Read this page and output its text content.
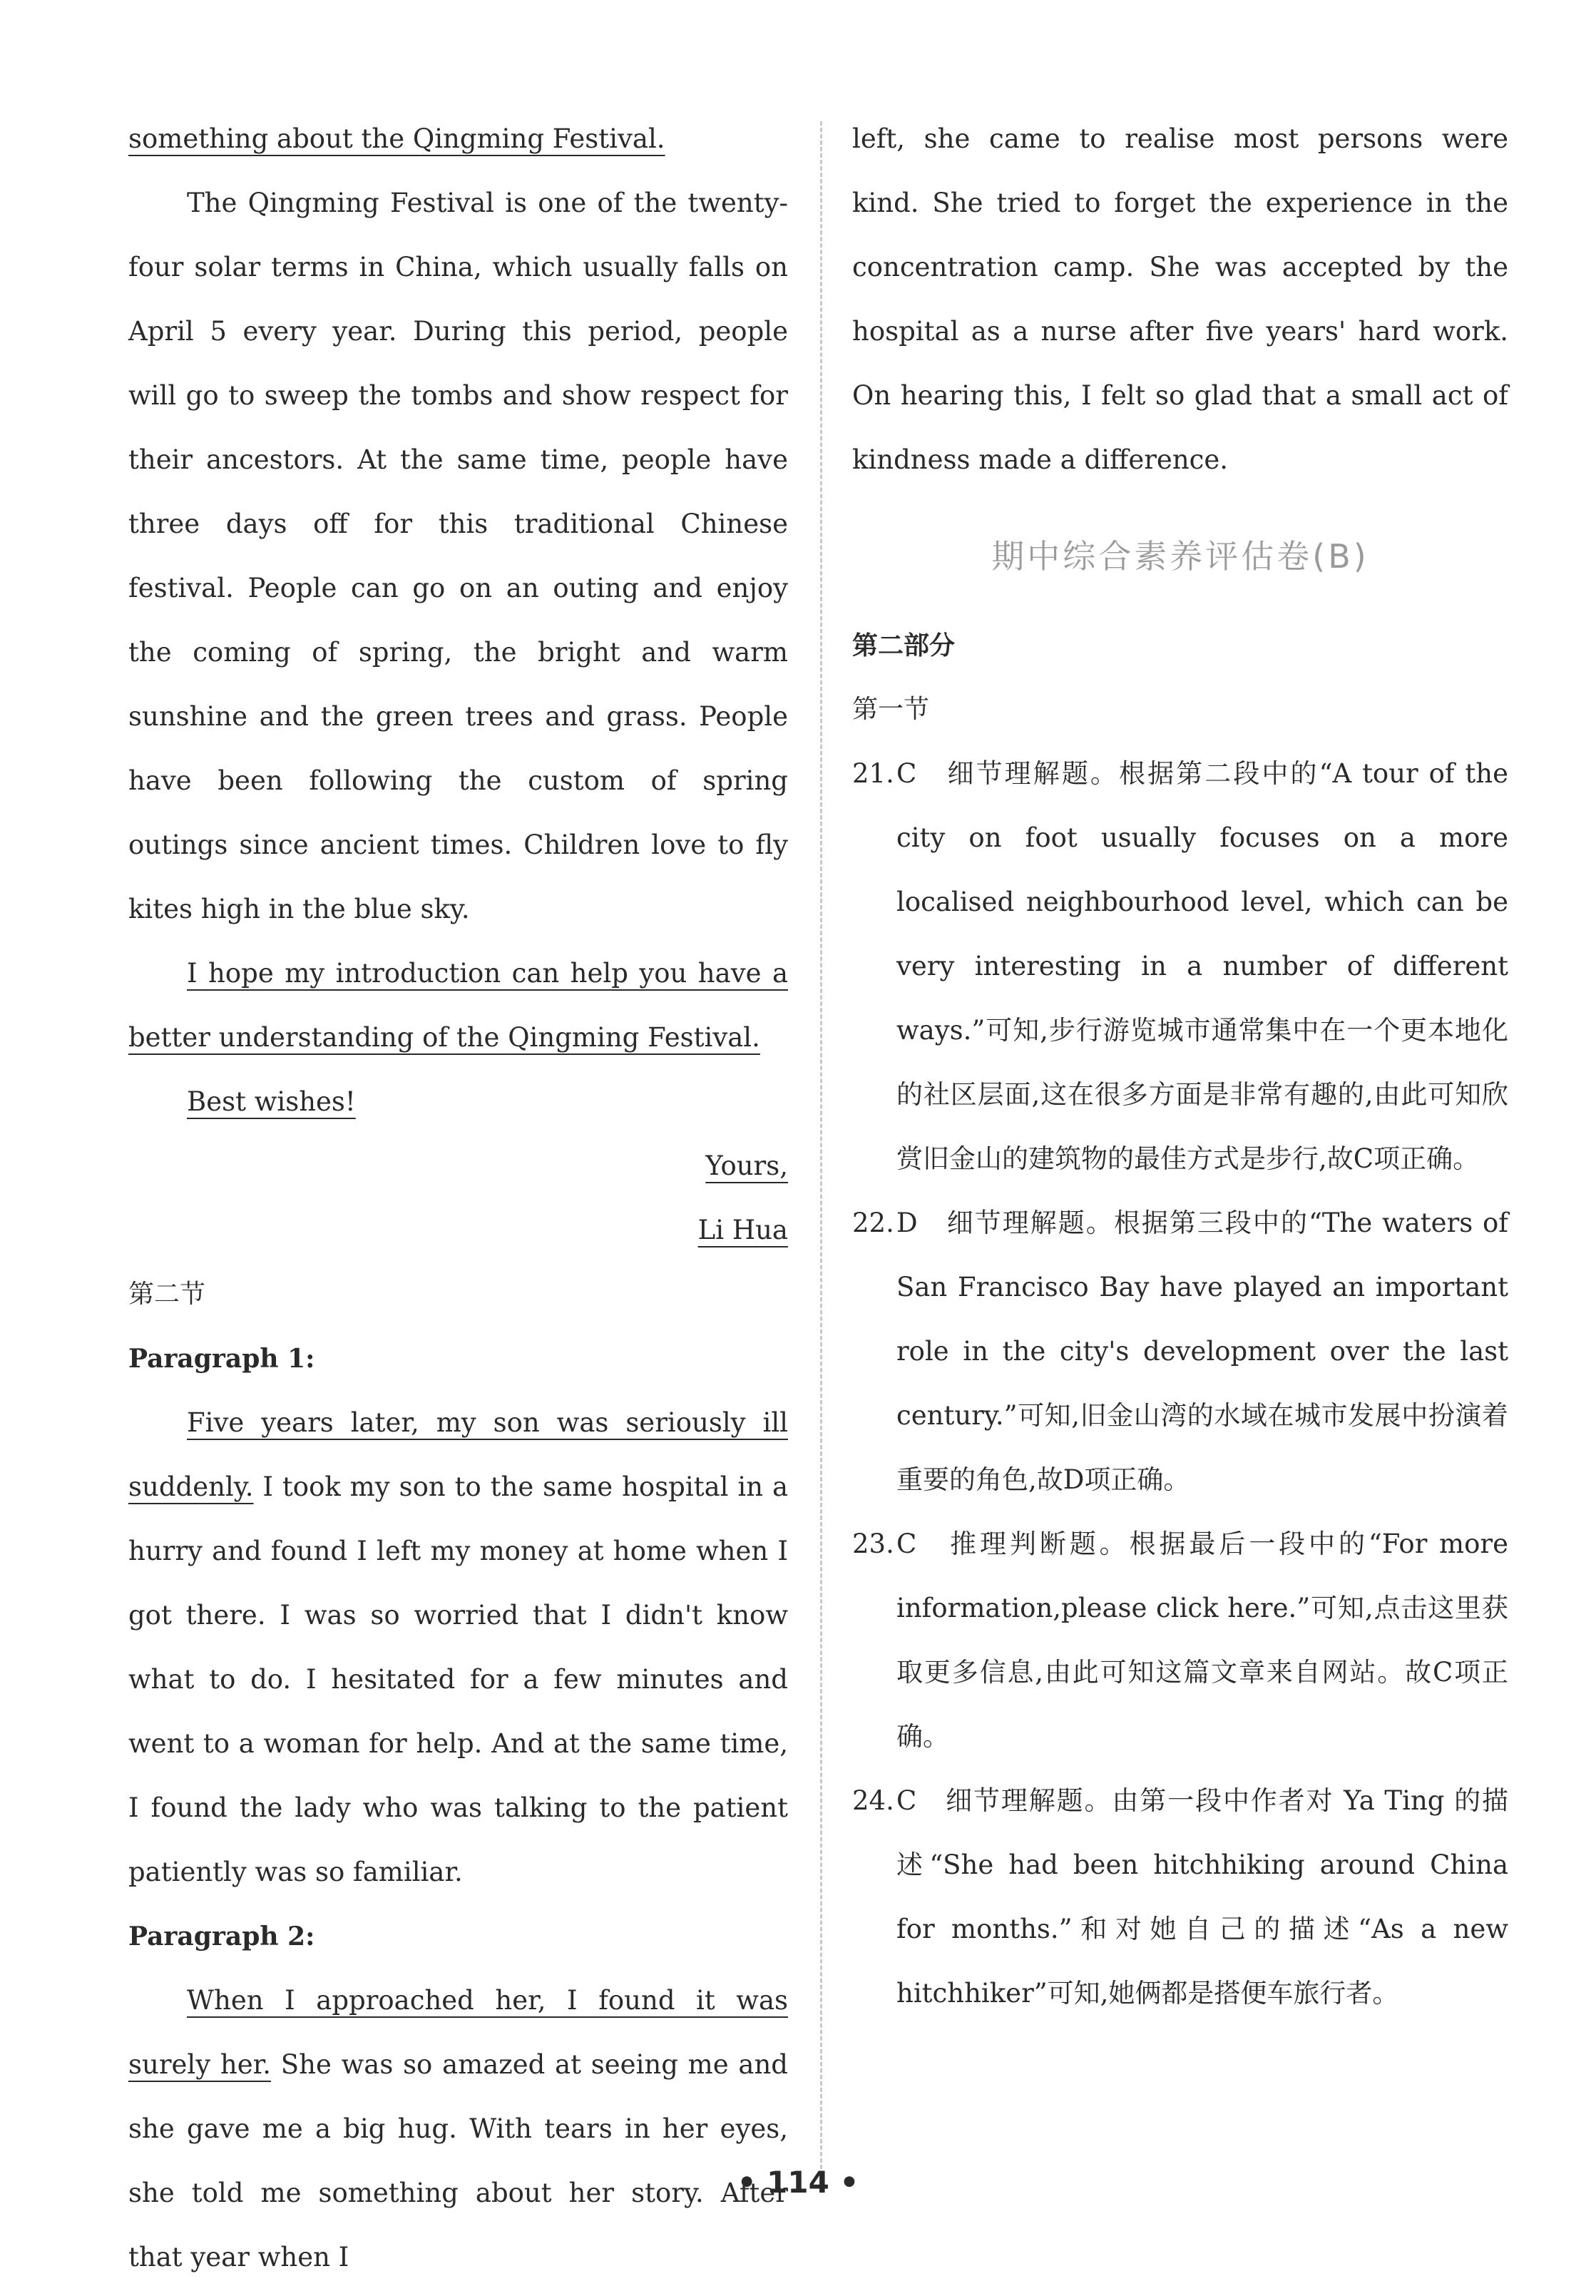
something about the Qingming Festival.

The Qingming Festival is one of the twenty-four solar terms in China, which usually falls on April 5 every year. During this period, people will go to sweep the tombs and show respect for their ancestors. At the same time, people have three days off for this traditional Chinese festival. People can go on an outing and enjoy the coming of spring, the bright and warm sunshine and the green trees and grass. People have been following the custom of spring outings since ancient times. Children love to fly kites high in the blue sky.

I hope my introduction can help you have a better understanding of the Qingming Festival.

Best wishes!

Yours,

Li Hua

第二节

Paragraph 1:

Five years later, my son was seriously ill suddenly. I took my son to the same hospital in a hurry and found I left my money at home when I got there. I was so worried that I didn't know what to do. I hesitated for a few minutes and went to a woman for help. And at the same time, I found the lady who was talking to the patient patiently was so familiar.

Paragraph 2:

When I approached her, I found it was surely her. She was so amazed at seeing me and she gave me a big hug. With tears in her eyes, she told me something about her story. After that year when I

left, she came to realise most persons were kind. She tried to forget the experience in the concentration camp. She was accepted by the hospital as a nurse after five years' hard work. On hearing this, I felt so glad that a small act of kindness made a difference.

期中综合素养评估卷(B)

第二部分

第一节

21. C　细节理解题。根据第二段中的“A tour of the city on foot usually focuses on a more localised neighbourhood level, which can be very interesting in a number of different ways.”可知,步行游览城市通常集中在一个更本地化的社区层面,这在很多方面是非常有趣的,由此可知欣赏旧金山的建筑物的最佳方式是步行,故C项正确。
22. D　细节理解题。根据第三段中的“The waters of San Francisco Bay have played an important role in the city's development over the last century.”可知,旧金山湾的水域在城市发展中扮演着重要的角色,故D项正确。
23. C　推理判断题。根据最后一段中的“For more information,please click here.”可知,点击这里获取更多信息,由此可知这篇文章来自网站。故C项正确。
24. C　细节理解题。由第一段中作者对 Ya Ting 的描述“She had been hitchhiking around China for months.”和对她自己的描述“As a new hitchhiker”可知,她俩都是搭便车旅行者。
• 114 •
